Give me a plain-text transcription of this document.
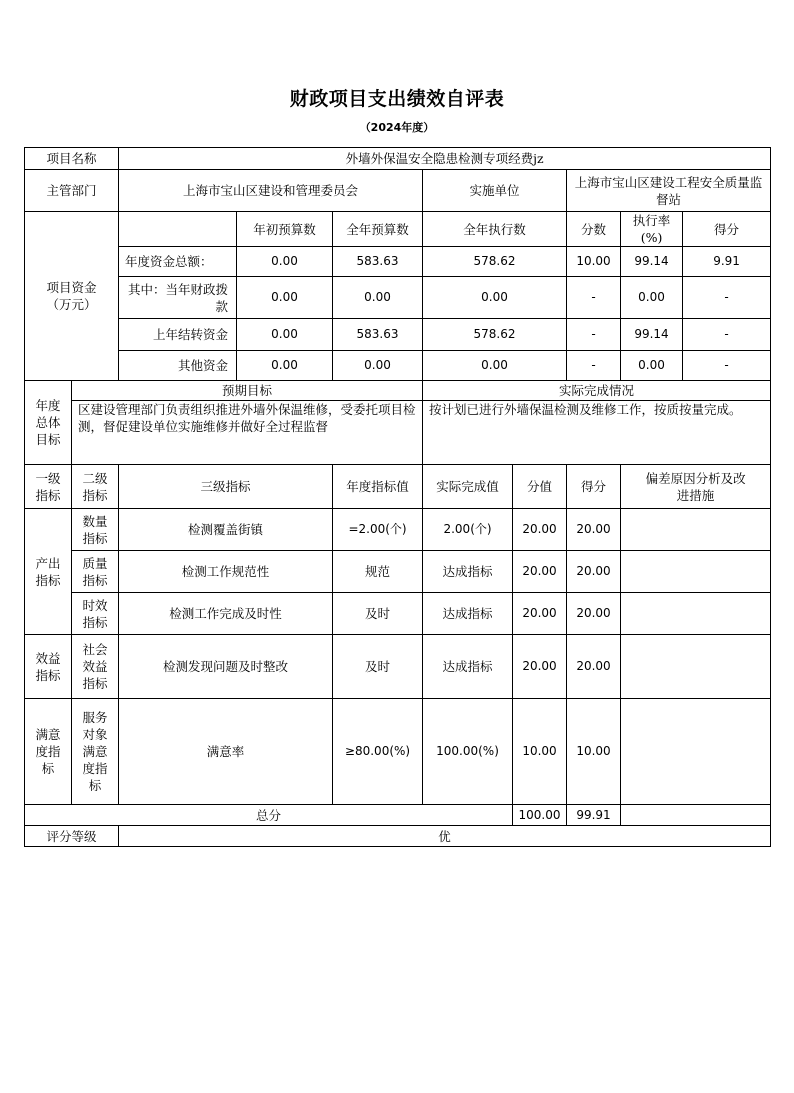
财政项目支出绩效自评表
（2024年度）
项目名称		外墙外保温安全隐患检测专项经费jz							
主管部门		上海市宝山区建设和管理委员会			实施单位		上海市宝山区建设工程安全质量监督站		
项目资金（万元）			年初预算数	全年预算数	全年执行数		分数	执行率(%)	得分
		年度资金总额：	0.00	583.63	578.62		10.00	99.14	9.91
		其中：当年财政拨款	0.00	0.00	0.00		-	0.00	-
		上年结转资金	0.00	583.63	578.62		-	99.14	-
		其他资金	0.00	0.00	0.00		-	0.00	-
年度总体目标	预期目标				实际完成情况				
	区建设管理部门负责组织推进外墙外保温维修，受委托项目检测，督促建设单位实施维修并做好全过程监督				按计划已进行外墙保温检测及维修工作，按质按量完成。				
一级指标	二级指标	三级指标		年度指标值	实际完成值	分值	得分	偏差原因分析及改进措施	
产出指标	数量指标	检测覆盖街镇		=2.00(个)	2.00(个)	20.00	20.00		
	质量指标	检测工作规范性		规范	达成指标	20.00	20.00		
	时效指标	检测工作完成及时性		及时	达成指标	20.00	20.00		
效益指标	社会效益指标	检测发现问题及时整改		及时	达成指标	20.00	20.00		
满意度指标	服务对象满意度指标	满意率		≥80.00(%)	100.00(%)	10.00	10.00		
总分						100.00	99.91		
评分等级		优							
